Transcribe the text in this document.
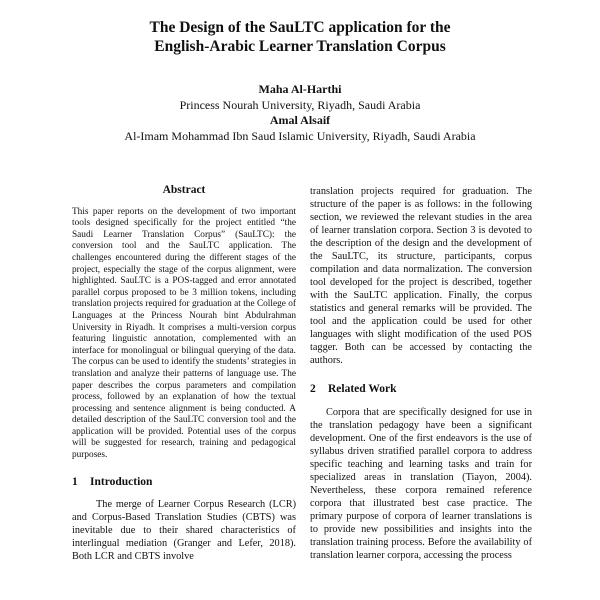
The Design of the SauLTC application for the
English-Arabic Learner Translation Corpus
Maha Al-Harthi
Princess Nourah University, Riyadh, Saudi Arabia
Amal Alsaif
Al-Imam Mohammad Ibn Saud Islamic University, Riyadh, Saudi Arabia
Abstract

This paper reports on the development of two important tools designed specifically for the project entitled “the Saudi Learner Translation Corpus” (SauLTC): the conversion tool and the SauLTC application. The challenges encountered during the different stages of the project, especially the stage of the corpus alignment, were highlighted. SauLTC is a POS-tagged and error annotated parallel corpus proposed to be 3 million tokens, including translation projects required for graduation at the College of Languages at the Princess Nourah bint Abdulrahman University in Riyadh. It comprises a multi-version corpus featuring linguistic annotation, complemented with an interface for monolingual or bilingual querying of the data. The corpus can be used to identify the students’ strategies in translation and analyze their patterns of language use. The paper describes the corpus parameters and compilation process, followed by an explanation of how the textual processing and sentence alignment is being conducted. A detailed description of the SauLTC conversion tool and the application will be provided. Potential uses of the corpus will be suggested for research, training and pedagogical purposes.

1 Introduction

The merge of Learner Corpus Research (LCR) and Corpus-Based Translation Studies (CBTS) was inevitable due to their shared characteristics of interlingual mediation (Granger and Lefer, 2018). Both LCR and CBTS involve

translation projects required for graduation. The structure of the paper is as follows: in the following section, we reviewed the relevant studies in the area of learner translation corpora. Section 3 is devoted to the description of the design and the development of the SauLTC, its structure, participants, corpus compilation and data normalization. The conversion tool developed for the project is described, together with the SauLTC application. Finally, the corpus statistics and general remarks will be provided. The tool and the application could be used for other languages with slight modification of the used POS tagger. Both can be accessed by contacting the authors.

2 Related Work

Corpora that are specifically designed for use in the translation pedagogy have been a significant development. One of the first endeavors is the use of syllabus driven stratified parallel corpora to address specific teaching and learning tasks and train for specialized areas in translation (Tiayon, 2004). Nevertheless, these corpora remained reference corpora that illustrated best case practice. The primary purpose of corpora of learner translations is to provide new possibilities and insights into the translation training process. Before the availability of translation learner corpora, accessing the process
